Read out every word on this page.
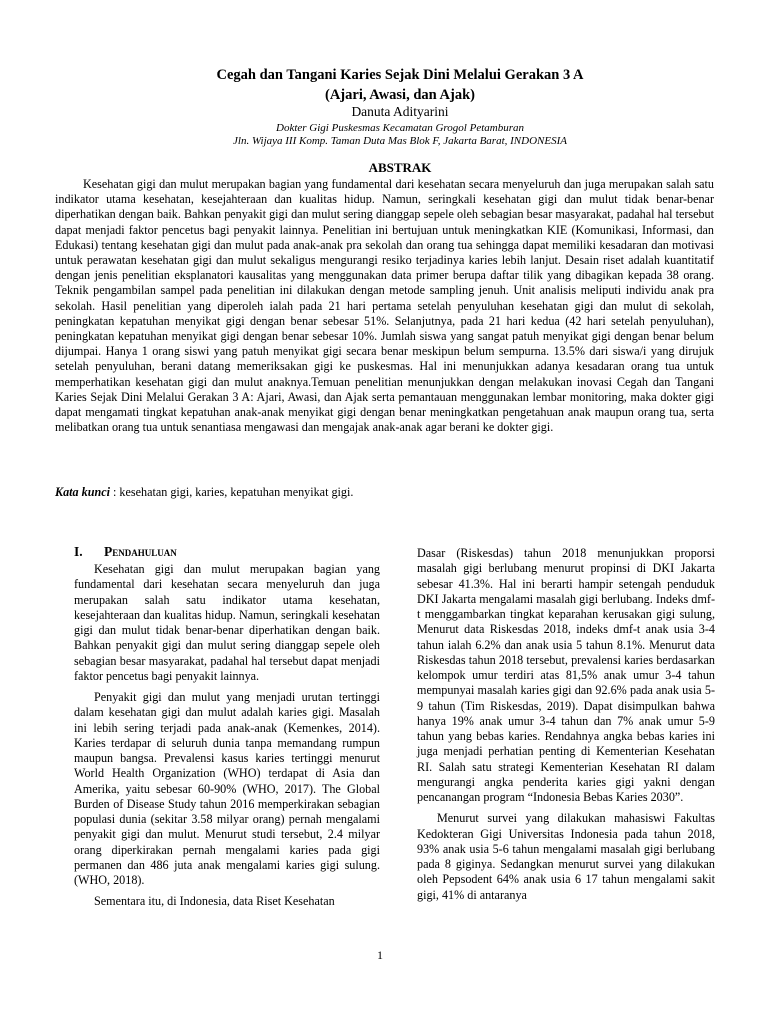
Cegah dan Tangani Karies Sejak Dini Melalui Gerakan 3 A
(Ajari, Awasi, dan Ajak)
Danuta Adityarini
Dokter Gigi Puskesmas Kecamatan Grogol Petamburan
Jln. Wijaya III Komp. Taman Duta Mas Blok F, Jakarta Barat, INDONESIA
ABSTRAK

Kesehatan gigi dan mulut merupakan bagian yang fundamental dari kesehatan secara menyeluruh dan juga merupakan salah satu indikator utama kesehatan, kesejahteraan dan kualitas hidup. Namun, seringkali kesehatan gigi dan mulut tidak benar-benar diperhatikan dengan baik. Bahkan penyakit gigi dan mulut sering dianggap sepele oleh sebagian besar masyarakat, padahal hal tersebut dapat menjadi faktor pencetus bagi penyakit lainnya. Penelitian ini bertujuan untuk meningkatkan KIE (Komunikasi, Informasi, dan Edukasi) tentang kesehatan gigi dan mulut pada anak-anak pra sekolah dan orang tua sehingga dapat memiliki kesadaran dan motivasi untuk perawatan kesehatan gigi dan mulut sekaligus mengurangi resiko terjadinya karies lebih lanjut. Desain riset adalah kuantitatif dengan jenis penelitian eksplanatori kausalitas yang menggunakan data primer berupa daftar tilik yang dibagikan kepada 38 orang. Teknik pengambilan sampel pada penelitian ini dilakukan dengan metode sampling jenuh. Unit analisis meliputi individu anak pra sekolah. Hasil penelitian yang diperoleh ialah pada 21 hari pertama setelah penyuluhan kesehatan gigi dan mulut di sekolah, peningkatan kepatuhan menyikat gigi dengan benar sebesar 51%. Selanjutnya, pada 21 hari kedua (42 hari setelah penyuluhan), peningkatan kepatuhan menyikat gigi dengan benar sebesar 10%. Jumlah siswa yang sangat patuh menyikat gigi dengan benar belum dijumpai. Hanya 1 orang siswi yang patuh menyikat gigi secara benar meskipun belum sempurna. 13.5% dari siswa/i yang dirujuk setelah penyuluhan, berani datang memeriksakan gigi ke puskesmas. Hal ini menunjukkan adanya kesadaran orang tua untuk memperhatikan kesehatan gigi dan mulut anaknya.Temuan penelitian menunjukkan dengan melakukan inovasi Cegah dan Tangani Karies Sejak Dini Melalui Gerakan 3 A: Ajari, Awasi, dan Ajak serta pemantauan menggunakan lembar monitoring, maka dokter gigi dapat mengamati tingkat kepatuhan anak-anak menyikat gigi dengan benar meningkatkan pengetahuan anak maupun orang tua, serta melibatkan orang tua untuk senantiasa mengawasi dan mengajak anak-anak agar berani ke dokter gigi.

Kata kunci : kesehatan gigi, karies, kepatuhan menyikat gigi.

I. Pendahuluan

Kesehatan gigi dan mulut merupakan bagian yang fundamental dari kesehatan secara menyeluruh dan juga merupakan salah satu indikator utama kesehatan, kesejahteraan dan kualitas hidup. Namun, seringkali kesehatan gigi dan mulut tidak benar-benar diperhatikan dengan baik. Bahkan penyakit gigi dan mulut sering dianggap sepele oleh sebagian besar masyarakat, padahal hal tersebut dapat menjadi faktor pencetus bagi penyakit lainnya.

Penyakit gigi dan mulut yang menjadi urutan tertinggi dalam kesehatan gigi dan mulut adalah karies gigi. Masalah ini lebih sering terjadi pada anak-anak (Kemenkes, 2014). Karies terdapar di seluruh dunia tanpa memandang rumpun maupun bangsa. Prevalensi kasus karies tertinggi menurut World Health Organization (WHO) terdapat di Asia dan Amerika, yaitu sebesar 60-90% (WHO, 2017). The Global Burden of Disease Study tahun 2016 memperkirakan sebagian populasi dunia (sekitar 3.58 milyar orang) pernah mengalami penyakit gigi dan mulut. Menurut studi tersebut, 2.4 milyar orang diperkirakan pernah mengalami karies pada gigi permanen dan 486 juta anak mengalami karies gigi sulung. (WHO, 2018).

Sementara itu, di Indonesia, data Riset Kesehatan

Dasar (Riskesdas) tahun 2018 menunjukkan proporsi masalah gigi berlubang menurut propinsi di DKI Jakarta sebesar 41.3%. Hal ini berarti hampir setengah penduduk DKI Jakarta mengalami masalah gigi berlubang. Indeks dmf-t menggambarkan tingkat keparahan kerusakan gigi sulung, Menurut data Riskesdas 2018, indeks dmf-t anak usia 3-4 tahun ialah 6.2% dan anak usia 5 tahun 8.1%. Menurut data Riskesdas tahun 2018 tersebut, prevalensi karies berdasarkan kelompok umur terdiri atas 81,5% anak umur 3-4 tahun mempunyai masalah karies gigi dan 92.6% pada anak usia 5-9 tahun (Tim Riskesdas, 2019). Dapat disimpulkan bahwa hanya 19% anak umur 3-4 tahun dan 7% anak umur 5-9 tahun yang bebas karies. Rendahnya angka bebas karies ini juga menjadi perhatian penting di Kementerian Kesehatan RI. Salah satu strategi Kementerian Kesehatan RI dalam mengurangi angka penderita karies gigi yakni dengan pencanangan program “Indonesia Bebas Karies 2030”.

Menurut survei yang dilakukan mahasiswi Fakultas Kedokteran Gigi Universitas Indonesia pada tahun 2018, 93% anak usia 5-6 tahun mengalami masalah gigi berlubang pada 8 giginya. Sedangkan menurut survei yang dilakukan oleh Pepsodent 64% anak usia 6 17 tahun mengalami sakit gigi, 41% di antaranya

1
